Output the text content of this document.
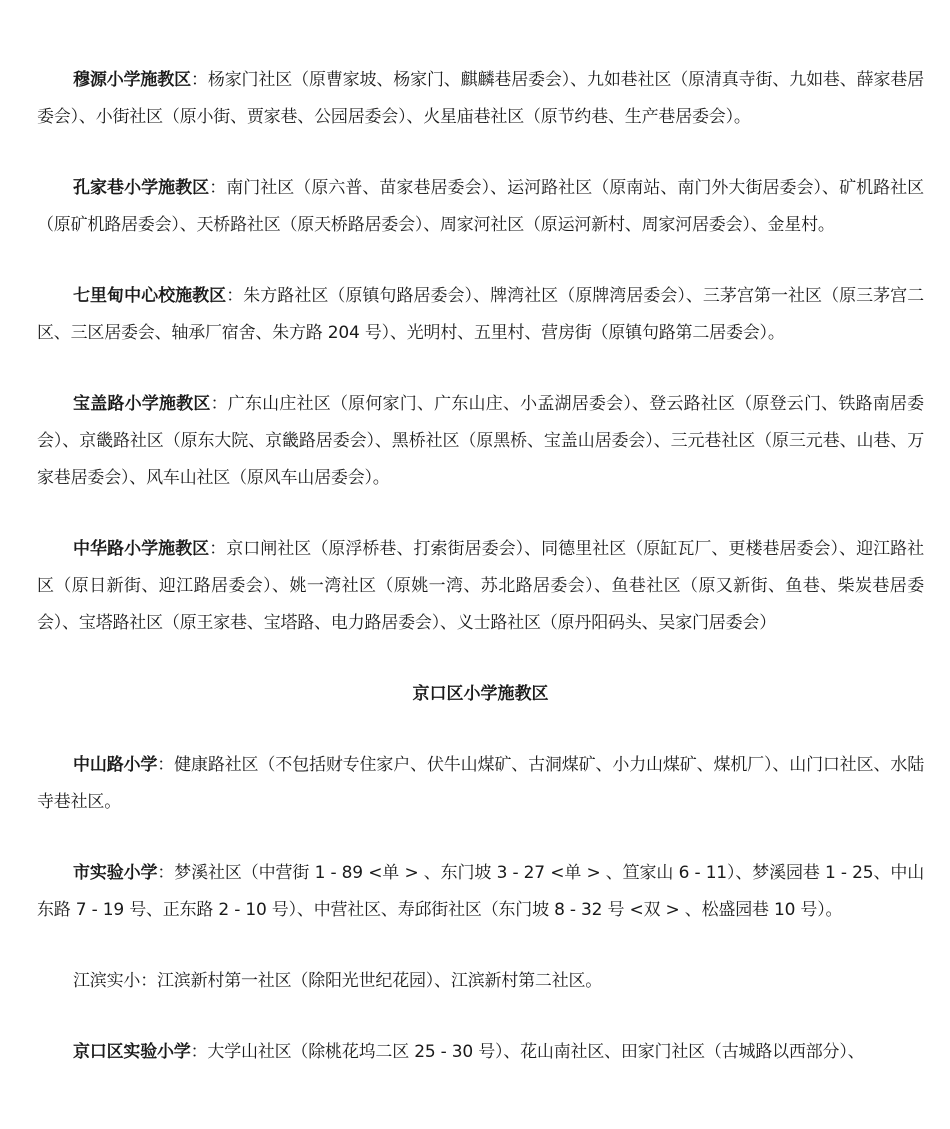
穆源小学施教区：杨家门社区（原曹家坡、杨家门、麒麟巷居委会）、九如巷社区（原清真寺街、九如巷、薛家巷居委会）、小街社区（原小街、贾家巷、公园居委会）、火星庙巷社区（原节约巷、生产巷居委会）。

孔家巷小学施教区：南门社区（原六普、苗家巷居委会）、运河路社区（原南站、南门外大街居委会）、矿机路社区（原矿机路居委会）、天桥路社区（原天桥路居委会）、周家河社区（原运河新村、周家河居委会）、金星村。

七里甸中心校施教区：朱方路社区（原镇句路居委会）、牌湾社区（原牌湾居委会）、三茅宫第一社区（原三茅宫二区、三区居委会、轴承厂宿舍、朱方路 204 号）、光明村、五里村、营房街（原镇句路第二居委会）。

宝盖路小学施教区：广东山庄社区（原何家门、广东山庄、小孟湖居委会）、登云路社区（原登云门、铁路南居委会）、京畿路社区（原东大院、京畿路居委会）、黑桥社区（原黑桥、宝盖山居委会）、三元巷社区（原三元巷、山巷、万家巷居委会）、风车山社区（原风车山居委会）。

中华路小学施教区：京口闸社区（原浮桥巷、打索街居委会）、同德里社区（原缸瓦厂、更楼巷居委会）、迎江路社区（原日新街、迎江路居委会）、姚一湾社区（原姚一湾、苏北路居委会）、鱼巷社区（原又新街、鱼巷、柴炭巷居委会）、宝塔路社区（原王家巷、宝塔路、电力路居委会）、义士路社区（原丹阳码头、吴家门居委会）

京口区小学施教区

中山路小学：健康路社区（不包括财专住家户、伏牛山煤矿、古洞煤矿、小力山煤矿、煤机厂）、山门口社区、水陆寺巷社区。

市实验小学：梦溪社区（中营街 1 - 89 <单 > 、东门坡 3 - 27 <单 > 、笪家山 6 - 11）、梦溪园巷 1 - 25、中山东路 7 - 19 号、正东路 2 - 10 号）、中营社区、寿邱街社区（东门坡 8 - 32 号 <双 > 、松盛园巷 10 号）。

江滨实小：江滨新村第一社区（除阳光世纪花园）、江滨新村第二社区。

京口区实验小学：大学山社区（除桃花坞二区 25 - 30 号）、花山南社区、田家门社区（古城路以西部分）、
